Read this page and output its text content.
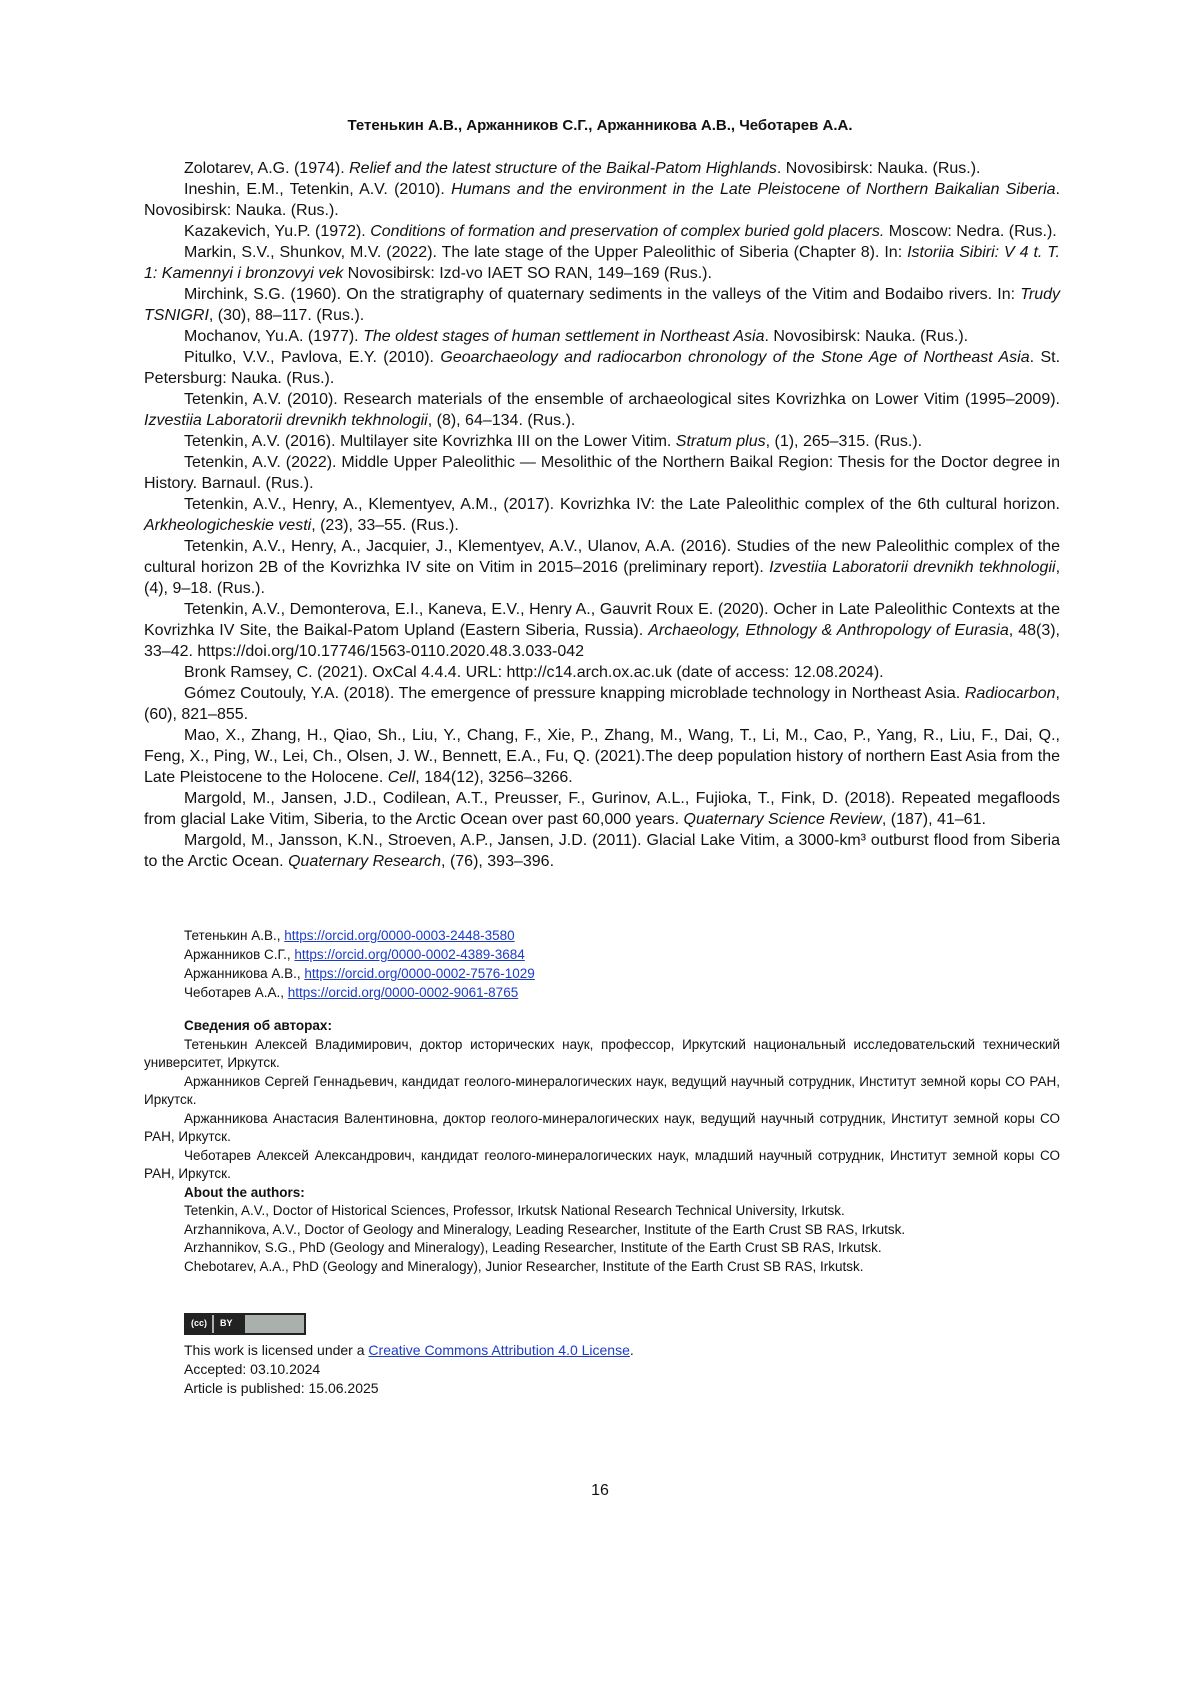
Тетенькин А.В., Аржанников С.Г., Аржанникова А.В., Чеботарев А.А.

Zolotarev, A.G. (1974). Relief and the latest structure of the Baikal-Patom Highlands. Novosibirsk: Nauka. (Rus.).

Ineshin, E.M., Tetenkin, A.V. (2010). Humans and the environment in the Late Pleistocene of Northern Baikalian Siberia. Novosibirsk: Nauka. (Rus.).

Kazakevich, Yu.P. (1972). Conditions of formation and preservation of complex buried gold placers. Moscow: Nedra. (Rus.).

Markin, S.V., Shunkov, M.V. (2022). The late stage of the Upper Paleolithic of Siberia (Chapter 8). In: Istoriia Sibiri: V 4 t. T. 1: Kamennyi i bronzovyi vek Novosibirsk: Izd-vo IAET SO RAN, 149–169 (Rus.).

Mirchink, S.G. (1960). On the stratigraphy of quaternary sediments in the valleys of the Vitim and Bodaibo rivers. In: Trudy TSNIGRI, (30), 88–117. (Rus.).

Mochanov, Yu.A. (1977). The oldest stages of human settlement in Northeast Asia. Novosibirsk: Nauka. (Rus.).

Pitulko, V.V., Pavlova, E.Y. (2010). Geoarchaeology and radiocarbon chronology of the Stone Age of Northeast Asia. St. Petersburg: Nauka. (Rus.).

Tetenkin, A.V. (2010). Research materials of the ensemble of archaeological sites Kovrizhka on Lower Vitim (1995–2009). Izvestiia Laboratorii drevnikh tekhnologii, (8), 64–134. (Rus.).

Tetenkin, A.V. (2016). Multilayer site Kovrizhka III on the Lower Vitim. Stratum plus, (1), 265–315. (Rus.).

Tetenkin, A.V. (2022). Middle Upper Paleolithic — Mesolithic of the Northern Baikal Region: Thesis for the Doctor degree in History. Barnaul. (Rus.).

Tetenkin, A.V., Henry, A., Klementyev, A.M., (2017). Kovrizhka IV: the Late Paleolithic complex of the 6th cultural horizon. Arkheologicheskie vesti, (23), 33–55. (Rus.).

Tetenkin, A.V., Henry, A., Jacquier, J., Klementyev, A.V., Ulanov, A.A. (2016). Studies of the new Paleolithic complex of the cultural horizon 2B of the Kovrizhka IV site on Vitim in 2015–2016 (preliminary report). Izvestiia Laboratorii drevnikh tekhnologii, (4), 9–18. (Rus.).

Tetenkin, A.V., Demonterova, E.I., Kaneva, E.V., Henry A., Gauvrit Roux E. (2020). Ocher in Late Paleolithic Contexts at the Kovrizhka IV Site, the Baikal-Patom Upland (Eastern Siberia, Russia). Archaeology, Ethnology & Anthropology of Eurasia, 48(3), 33–42. https://doi.org/10.17746/1563-0110.2020.48.3.033-042

Bronk Ramsey, C. (2021). OxCal 4.4.4. URL: http://c14.arch.ox.ac.uk (date of access: 12.08.2024).

Gómez Coutouly, Y.A. (2018). The emergence of pressure knapping microblade technology in Northeast Asia. Radiocarbon, (60), 821–855.

Mao, X., Zhang, H., Qiao, Sh., Liu, Y., Chang, F., Xie, P., Zhang, M., Wang, T., Li, M., Cao, P., Yang, R., Liu, F., Dai, Q., Feng, X., Ping, W., Lei, Ch., Olsen, J. W., Bennett, E.A., Fu, Q. (2021).The deep population history of northern East Asia from the Late Pleistocene to the Holocene. Cell, 184(12), 3256–3266.

Margold, M., Jansen, J.D., Codilean, A.T., Preusser, F., Gurinov, A.L., Fujioka, T., Fink, D. (2018). Repeated megafloods from glacial Lake Vitim, Siberia, to the Arctic Ocean over past 60,000 years. Quaternary Science Review, (187), 41–61.

Margold, M., Jansson, K.N., Stroeven, A.P., Jansen, J.D. (2011). Glacial Lake Vitim, a 3000-km³ outburst flood from Siberia to the Arctic Ocean. Quaternary Research, (76), 393–396.

Тетенькин А.В., https://orcid.org/0000-0003-2448-3580
Аржанников С.Г., https://orcid.org/0000-0002-4389-3684
Аржанникова А.В., https://orcid.org/0000-0002-7576-1029
Чеботарев А.А., https://orcid.org/0000-0002-9061-8765

Сведения об авторах:

Тетенькин Алексей Владимирович, доктор исторических наук, профессор, Иркутский национальный исследовательский технический университет, Иркутск.

Аржанников Сергей Геннадьевич, кандидат геолого-минералогических наук, ведущий научный сотрудник, Институт земной коры СО РАН, Иркутск.

Аржанникова Анастасия Валентиновна, доктор геолого-минералогических наук, ведущий научный сотрудник, Институт земной коры СО РАН, Иркутск.

Чеботарев Алексей Александрович, кандидат геолого-минералогических наук, младший научный сотрудник, Институт земной коры СО РАН, Иркутск.

About the authors:

Tetenkin, A.V., Doctor of Historical Sciences, Professor, Irkutsk National Research Technical University, Irkutsk.

Arzhannikova, A.V., Doctor of Geology and Mineralogy, Leading Researcher, Institute of the Earth Crust SB RAS, Irkutsk.

Arzhannikov, S.G., PhD (Geology and Mineralogy), Leading Researcher, Institute of the Earth Crust SB RAS, Irkutsk.

Chebotarev, A.A., PhD (Geology and Mineralogy), Junior Researcher, Institute of the Earth Crust SB RAS, Irkutsk.

(cc)	BY
This work is licensed under a Creative Commons Attribution 4.0 License.
Accepted: 03.10.2024
Article is published: 15.06.2025
16
